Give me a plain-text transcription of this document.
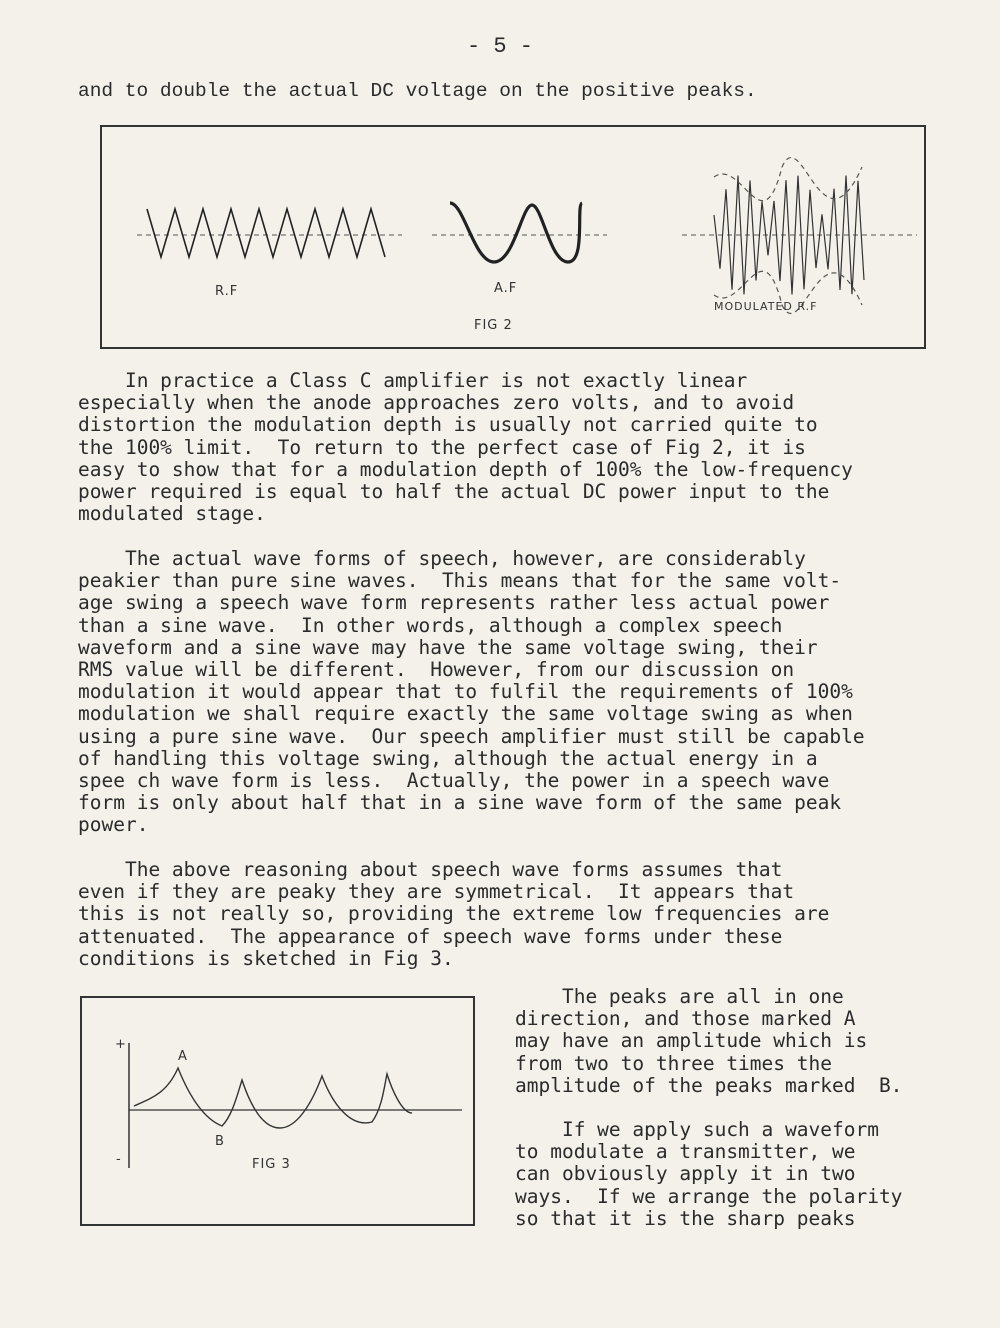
- 5 -
and to double the actual DC voltage on the positive peaks.
R.F	A.F
MODULATED R.F
FIG 2
In practice a Class C amplifier is not exactly linear
especially when the anode approaches zero volts, and to avoid
distortion the modulation depth is usually not carried quite to
the 100% limit.  To return to the perfect case of Fig 2, it is
easy to show that for a modulation depth of 100% the low-frequency
power required is equal to half the actual DC power input to the
modulated stage.
The actual wave forms of speech, however, are considerably
peakier than pure sine waves.  This means that for the same volt-
age swing a speech wave form represents rather less actual power
than a sine wave.  In other words, although a complex speech
waveform and a sine wave may have the same voltage swing, their
RMS value will be different.  However, from our discussion on
modulation it would appear that to fulfil the requirements of 100%
modulation we shall require exactly the same voltage swing as when
using a pure sine wave.  Our speech amplifier must still be capable
of handling this voltage swing, although the actual energy in a
spee ch wave form is less.  Actually, the power in a speech wave
form is only about half that in a sine wave form of the same peak
power.
The above reasoning about speech wave forms assumes that
even if they are peaky they are symmetrical.  It appears that
this is not really so, providing the extreme low frequencies are
attenuated.  The appearance of speech wave forms under these
conditions is sketched in Fig 3.
+
-
A
B
FIG 3
The peaks are all in one
direction, and those marked A
may have an amplitude which is
from two to three times the
amplitude of the peaks marked  B.
If we apply such a waveform
to modulate a transmitter, we
can obviously apply it in two
ways.  If we arrange the polarity
so that it is the sharp peaks
